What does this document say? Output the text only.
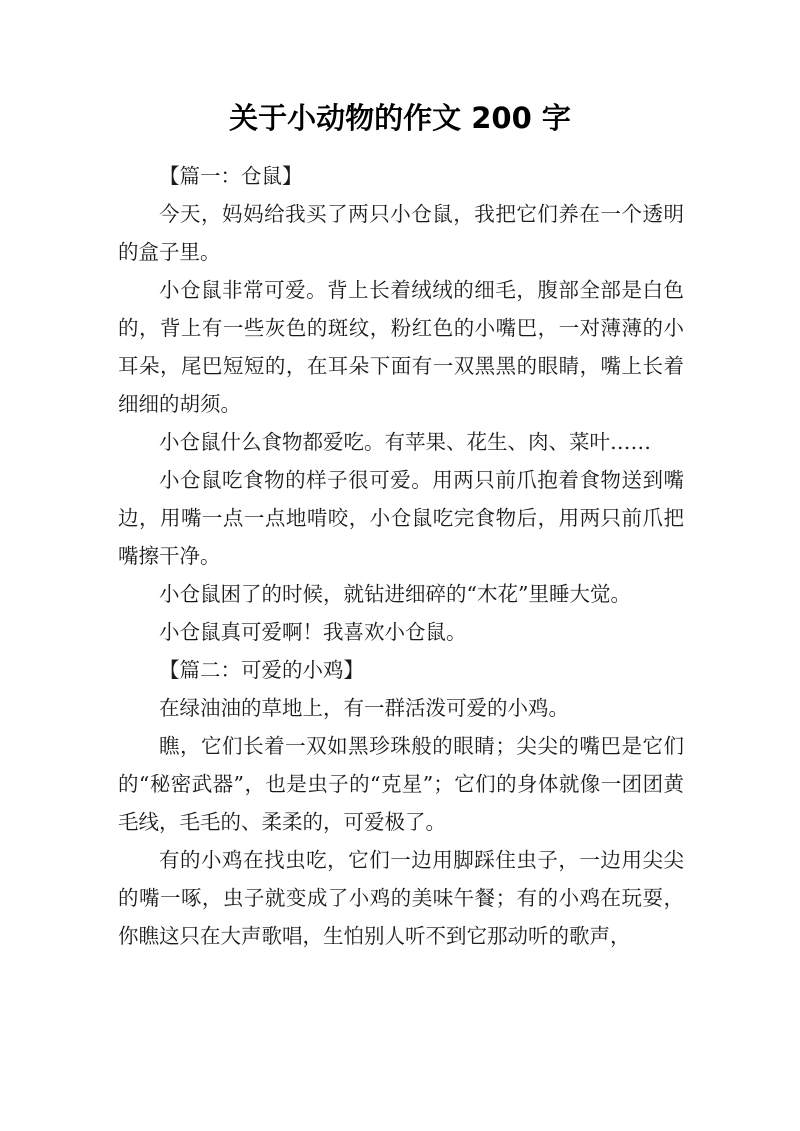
关于小动物的作文 200 字

【篇一：仓鼠】

今天，妈妈给我买了两只小仓鼠，我把它们养在一个透明的盒子里。

小仓鼠非常可爱。背上长着绒绒的细毛，腹部全部是白色的，背上有一些灰色的斑纹，粉红色的小嘴巴，一对薄薄的小耳朵，尾巴短短的，在耳朵下面有一双黑黑的眼睛，嘴上长着细细的胡须。

小仓鼠什么食物都爱吃。有苹果、花生、肉、菜叶……

小仓鼠吃食物的样子很可爱。用两只前爪抱着食物送到嘴边，用嘴一点一点地啃咬，小仓鼠吃完食物后，用两只前爪把嘴擦干净。

小仓鼠困了的时候，就钻进细碎的“木花”里睡大觉。

小仓鼠真可爱啊！我喜欢小仓鼠。

【篇二：可爱的小鸡】

在绿油油的草地上，有一群活泼可爱的小鸡。

瞧，它们长着一双如黑珍珠般的眼睛；尖尖的嘴巴是它们的“秘密武器”，也是虫子的“克星”；它们的身体就像一团团黄毛线，毛毛的、柔柔的，可爱极了。

有的小鸡在找虫吃，它们一边用脚踩住虫子，一边用尖尖的嘴一啄，虫子就变成了小鸡的美味午餐；有的小鸡在玩耍，你瞧这只在大声歌唱，生怕别人听不到它那动听的歌声，
